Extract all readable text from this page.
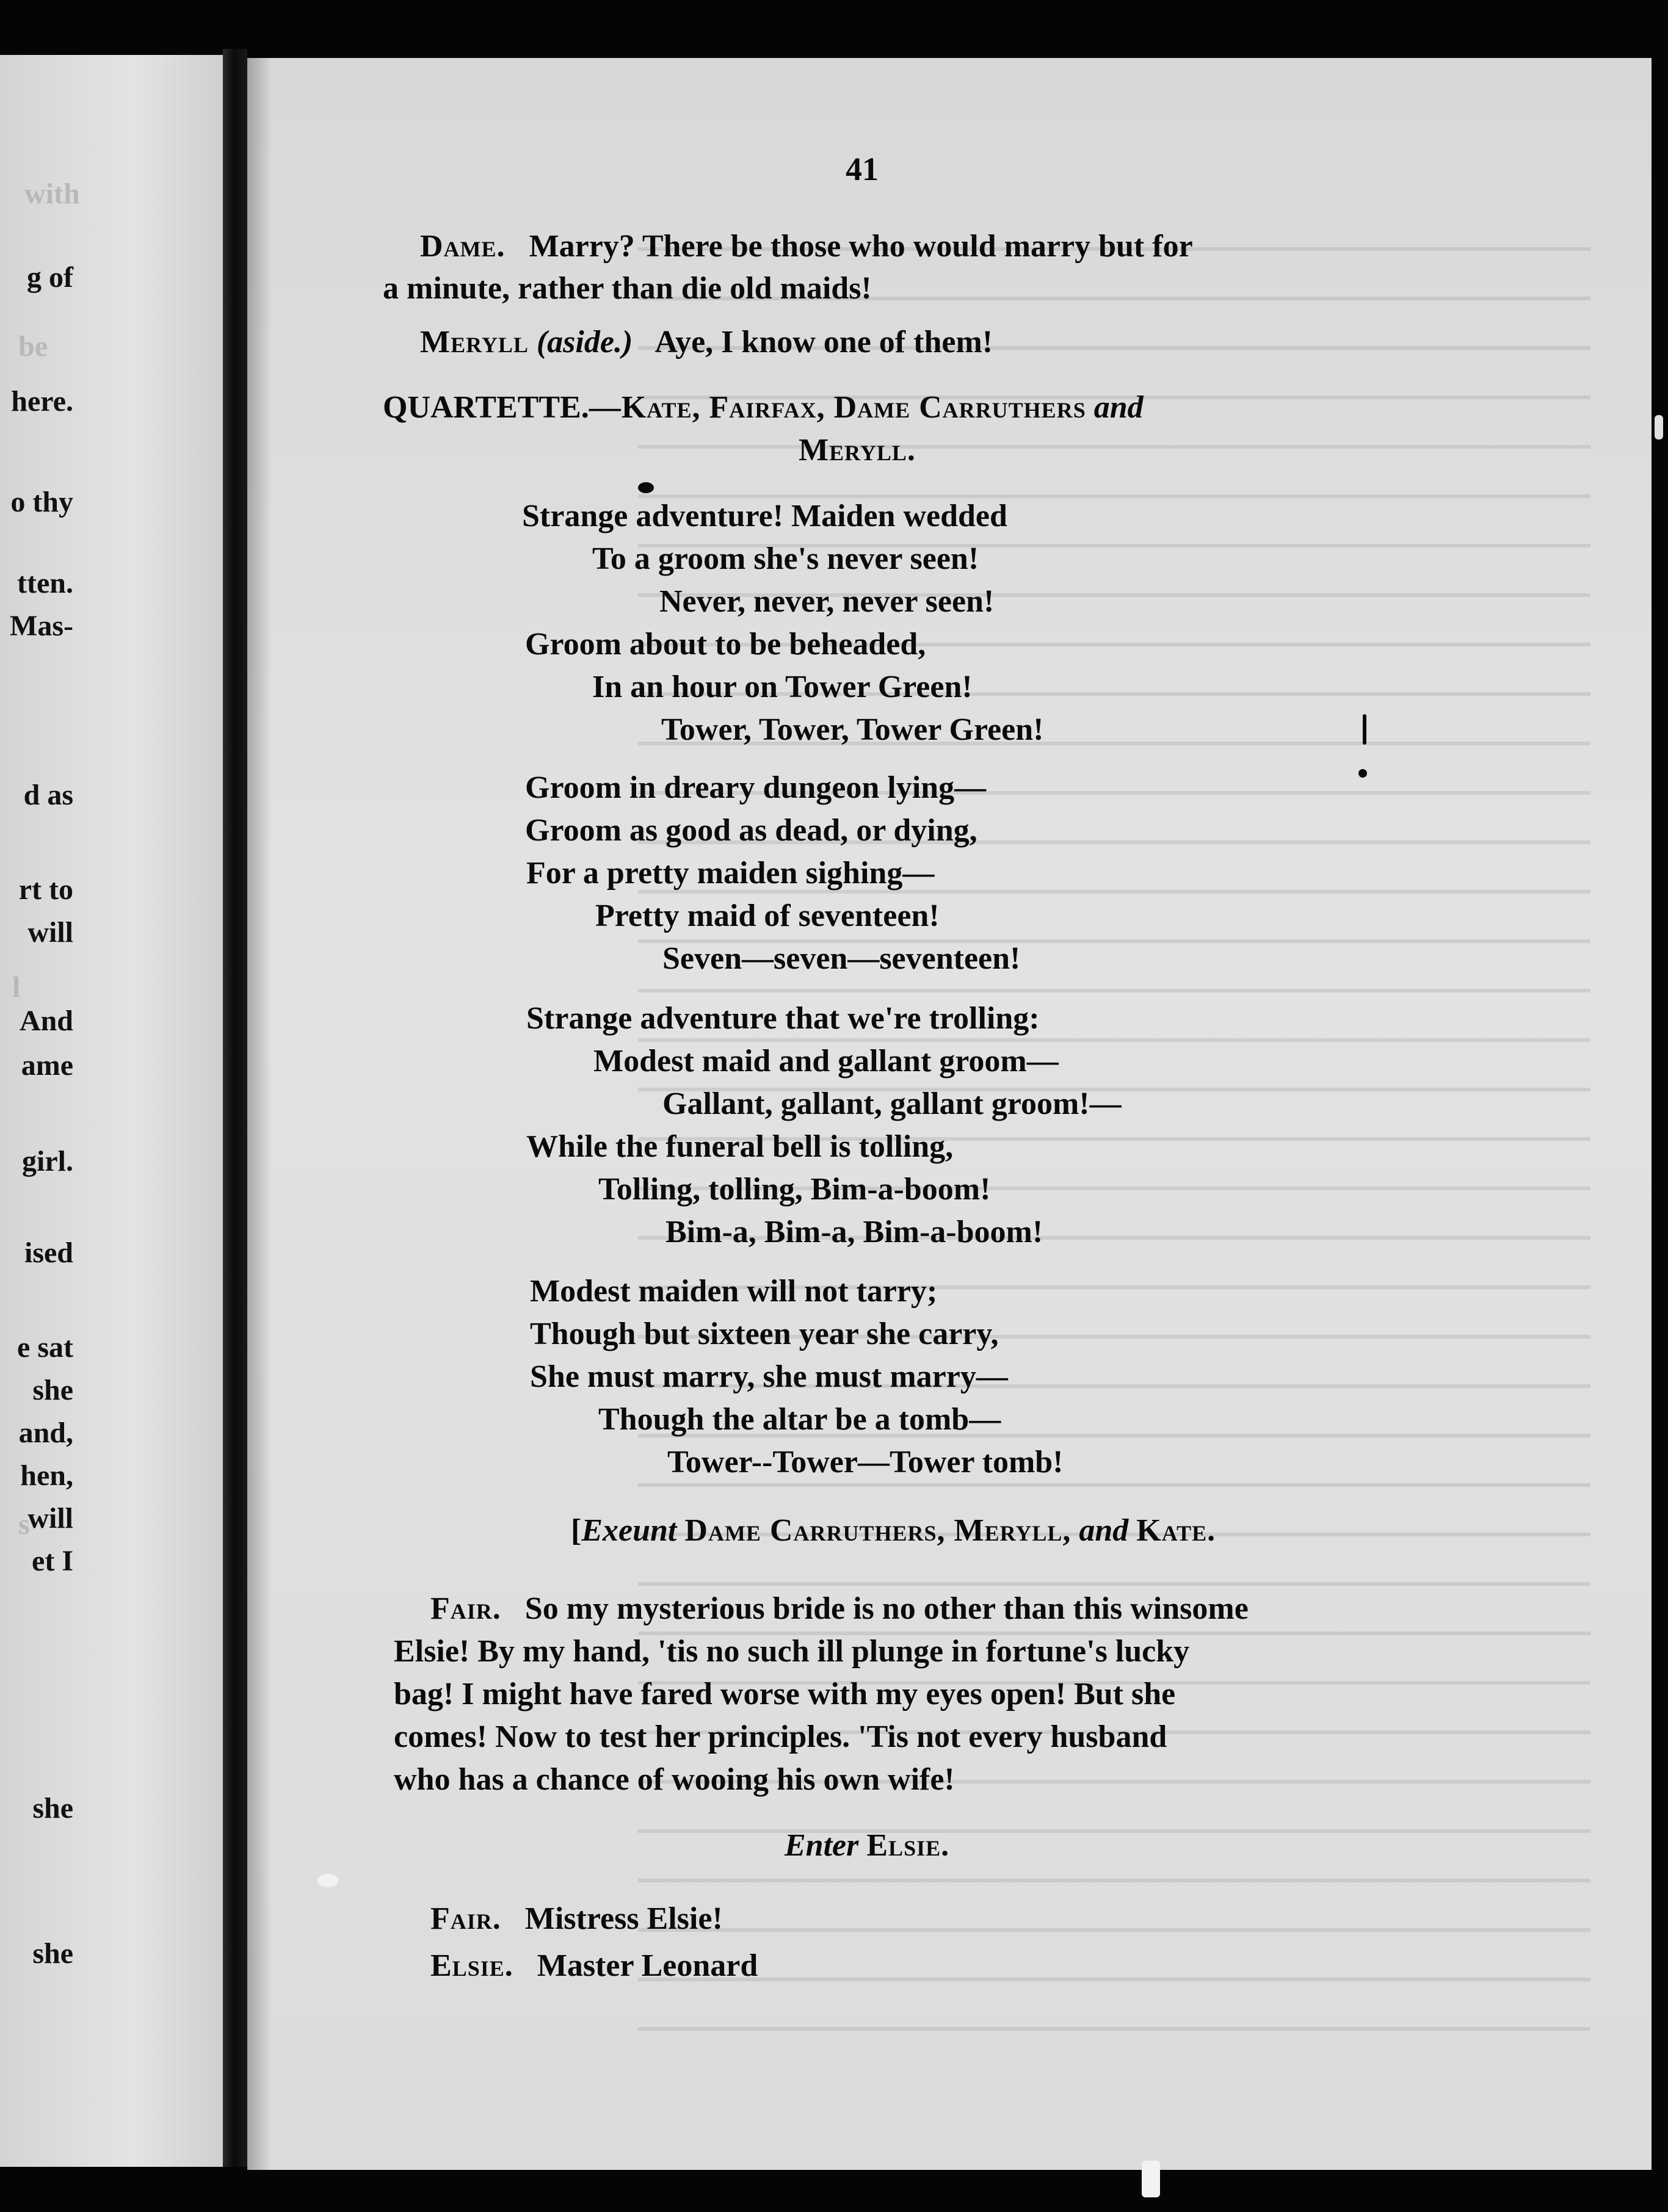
with
be
l
s
g of
here.
o thy
tten.
Mas-
d as
rt to
will
And
ame
girl.
ised
e sat
she
and,
hen,
will
et I
she
she
41
Dame. Marry? There be those who would marry but for
a minute, rather than die old maids!
Meryll (aside.) Aye, I know one of them!
QUARTETTE.—Kate, Fairfax, Dame Carruthers and
Meryll.
Strange adventure! Maiden wedded
To a groom she's never seen!
Never, never, never seen!
Groom about to be beheaded,
In an hour on Tower Green!
Tower, Tower, Tower Green!
Groom in dreary dungeon lying—
Groom as good as dead, or dying,
For a pretty maiden sighing—
Pretty maid of seventeen!
Seven—seven—seventeen!
Strange adventure that we're trolling:
Modest maid and gallant groom—
Gallant, gallant, gallant groom!—
While the funeral bell is tolling,
Tolling, tolling, Bim-a-boom!
Bim-a, Bim-a, Bim-a-boom!
Modest maiden will not tarry;
Though but sixteen year she carry,
She must marry, she must marry—
Though the altar be a tomb—
Tower--Tower—Tower tomb!
[Exeunt Dame Carruthers, Meryll, and Kate.
Fair. So my mysterious bride is no other than this winsome
Elsie! By my hand, 'tis no such ill plunge in fortune's lucky
bag! I might have fared worse with my eyes open! But she
comes! Now to test her principles. 'Tis not every husband
who has a chance of wooing his own wife!
Enter Elsie.
Fair. Mistress Elsie!
Elsie. Master Leonard
